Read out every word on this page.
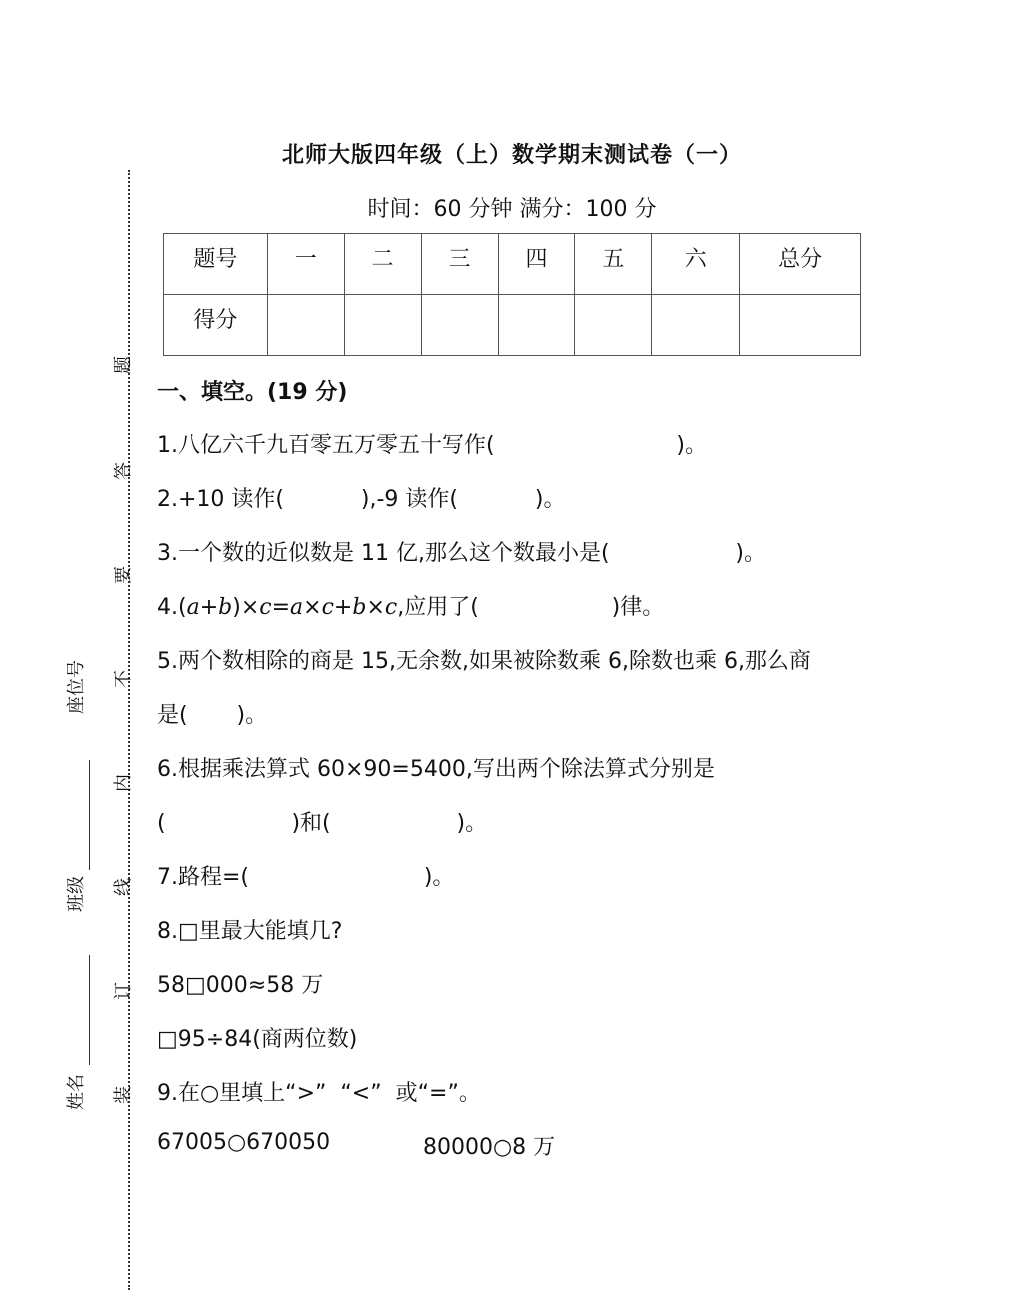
题
答
要
不
内
线
订
装
座位号
班级
姓名
北师大版四年级（上）数学期末测试卷（一）
时间：60 分钟 满分：100 分
题号	一	二	三	四	五	六	总分
得分							
一、填空。(19 分)
1.八亿六千九百零五万零五十写作(                          )。
2.+10 读作(           ),-9 读作(           )。
3.一个数的近似数是 11 亿,那么这个数最小是(                  )。
4.(a+b)×c=a×c+b×c,应用了(                   )律。
5.两个数相除的商是 15,无余数,如果被除数乘 6,除数也乘 6,那么商
是(       )。
6.根据乘法算式 60×90=5400,写出两个除法算式分别是
(                  )和(                  )。
7.路程=(                         )。
8.□里最大能填几?
58□000≈58 万
□95÷84(商两位数)
9.在○里填上“>”  “<”  或“=”。
67005○670050	80000○8 万
